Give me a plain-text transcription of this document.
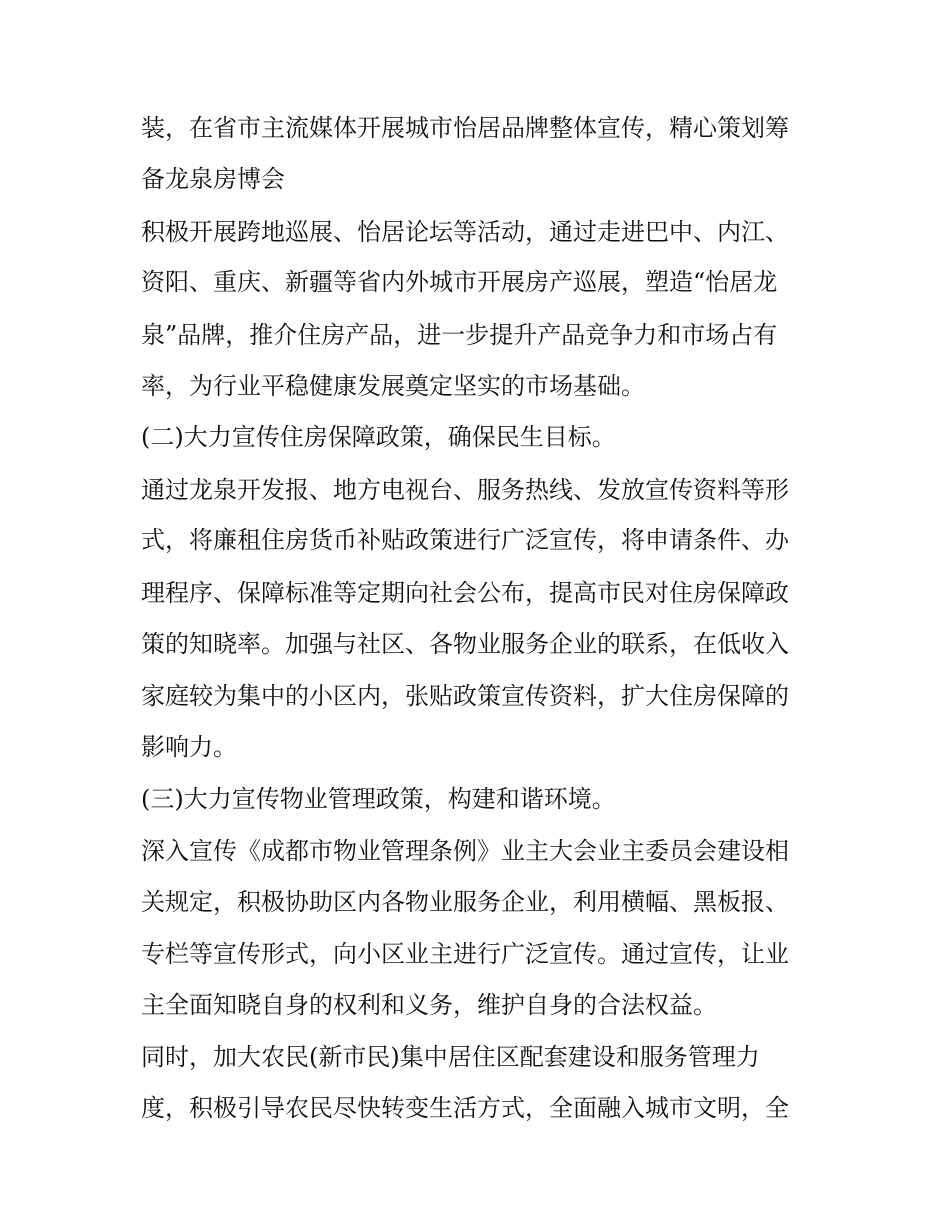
装，在省市主流媒体开展城市怡居品牌整体宣传，精心策划筹
备龙泉房博会
积极开展跨地巡展、怡居论坛等活动，通过走进巴中、内江、
资阳、重庆、新疆等省内外城市开展房产巡展，塑造“怡居龙
泉”品牌，推介住房产品，进一步提升产品竞争力和市场占有
率，为行业平稳健康发展奠定坚实的市场基础。
(二)大力宣传住房保障政策，确保民生目标。
通过龙泉开发报、地方电视台、服务热线、发放宣传资料等形
式，将廉租住房货币补贴政策进行广泛宣传，将申请条件、办
理程序、保障标准等定期向社会公布，提高市民对住房保障政
策的知晓率。加强与社区、各物业服务企业的联系，在低收入
家庭较为集中的小区内，张贴政策宣传资料，扩大住房保障的
影响力。
(三)大力宣传物业管理政策，构建和谐环境。
深入宣传《成都市物业管理条例》业主大会业主委员会建设相
关规定，积极协助区内各物业服务企业，利用横幅、黑板报、
专栏等宣传形式，向小区业主进行广泛宣传。通过宣传，让业
主全面知晓自身的权利和义务，维护自身的合法权益。
同时，加大农民(新市民)集中居住区配套建设和服务管理力
度，积极引导农民尽快转变生活方式，全面融入城市文明，全
